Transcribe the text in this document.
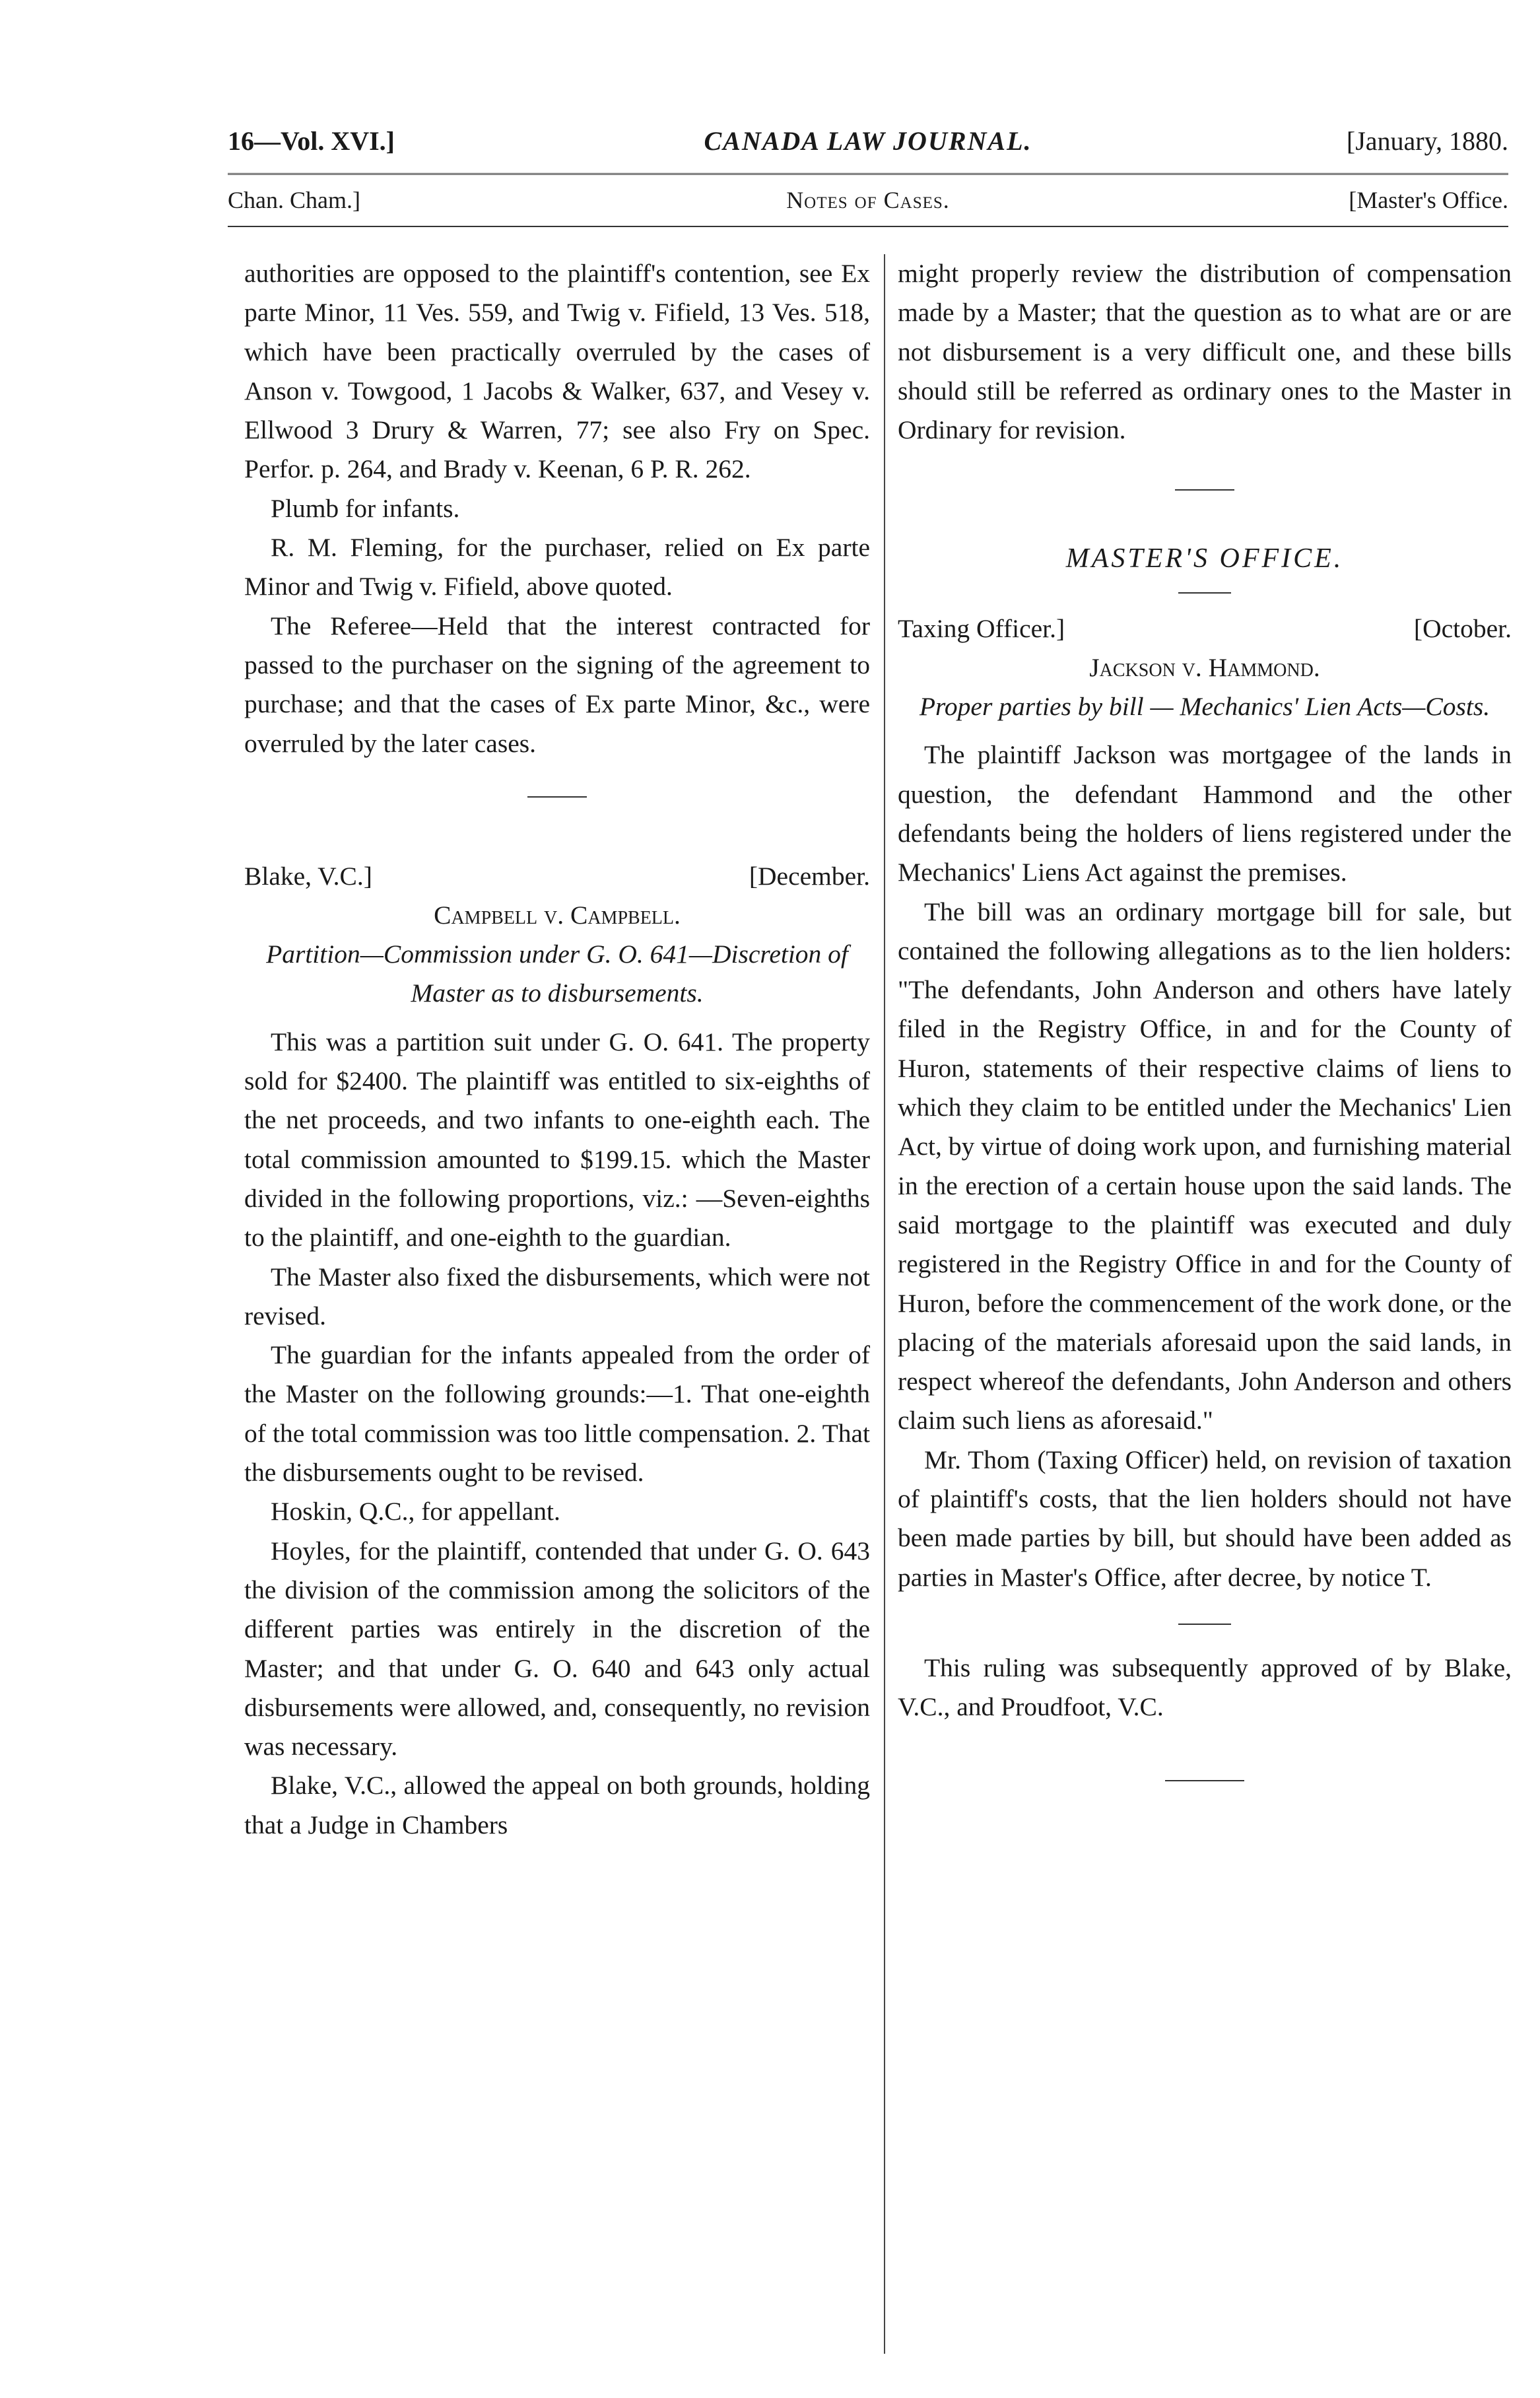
16—Vol. XVI.]	CANADA LAW JOURNAL.	[January, 1880.
Chan. Cham.]	Notes of Cases.	[Master's Office.

authorities are opposed to the plaintiff's contention, see Ex parte Minor, 11 Ves. 559, and Twig v. Fifield, 13 Ves. 518, which have been practically overruled by the cases of Anson v. Towgood, 1 Jacobs & Walker, 637, and Vesey v. Ellwood 3 Drury & Warren, 77; see also Fry on Spec. Perfor. p. 264, and Brady v. Keenan, 6 P. R. 262.

Plumb for infants.

R. M. Fleming, for the purchaser, relied on Ex parte Minor and Twig v. Fifield, above quoted.

The Referee—Held that the interest contracted for passed to the purchaser on the signing of the agreement to purchase; and that the cases of Ex parte Minor, &c., were overruled by the later cases.

Blake, V.C.]	[December.

Campbell v. Campbell.

Partition—Commission under G. O. 641—Discretion of Master as to disbursements.

This was a partition suit under G. O. 641. The property sold for $2400. The plaintiff was entitled to six-eighths of the net proceeds, and two infants to one-eighth each. The total commission amounted to $199.15. which the Master divided in the following proportions, viz.: —Seven-eighths to the plaintiff, and one-eighth to the guardian.

The Master also fixed the disbursements, which were not revised.

The guardian for the infants appealed from the order of the Master on the following grounds:—1. That one-eighth of the total commission was too little compensation. 2. That the disbursements ought to be revised.

Hoskin, Q.C., for appellant.

Hoyles, for the plaintiff, contended that under G. O. 643 the division of the commission among the solicitors of the different parties was entirely in the discretion of the Master; and that under G. O. 640 and 643 only actual disbursements were allowed, and, consequently, no revision was necessary.

Blake, V.C., allowed the appeal on both grounds, holding that a Judge in Chambers

might properly review the distribution of compensation made by a Master; that the question as to what are or are not disbursement is a very difficult one, and these bills should still be referred as ordinary ones to the Master in Ordinary for revision.

MASTER'S OFFICE.

Taxing Officer.]	[October.

Jackson v. Hammond.

Proper parties by bill — Mechanics' Lien Acts—Costs.

The plaintiff Jackson was mortgagee of the lands in question, the defendant Hammond and the other defendants being the holders of liens registered under the Mechanics' Liens Act against the premises.

The bill was an ordinary mortgage bill for sale, but contained the following allegations as to the lien holders: "The defendants, John Anderson and others have lately filed in the Registry Office, in and for the County of Huron, statements of their respective claims of liens to which they claim to be entitled under the Mechanics' Lien Act, by virtue of doing work upon, and furnishing material in the erection of a certain house upon the said lands. The said mortgage to the plaintiff was executed and duly registered in the Registry Office in and for the County of Huron, before the commencement of the work done, or the placing of the materials aforesaid upon the said lands, in respect whereof the defendants, John Anderson and others claim such liens as aforesaid."

Mr. Thom (Taxing Officer) held, on revision of taxation of plaintiff's costs, that the lien holders should not have been made parties by bill, but should have been added as parties in Master's Office, after decree, by notice T.

This ruling was subsequently approved of by Blake, V.C., and Proudfoot, V.C.
